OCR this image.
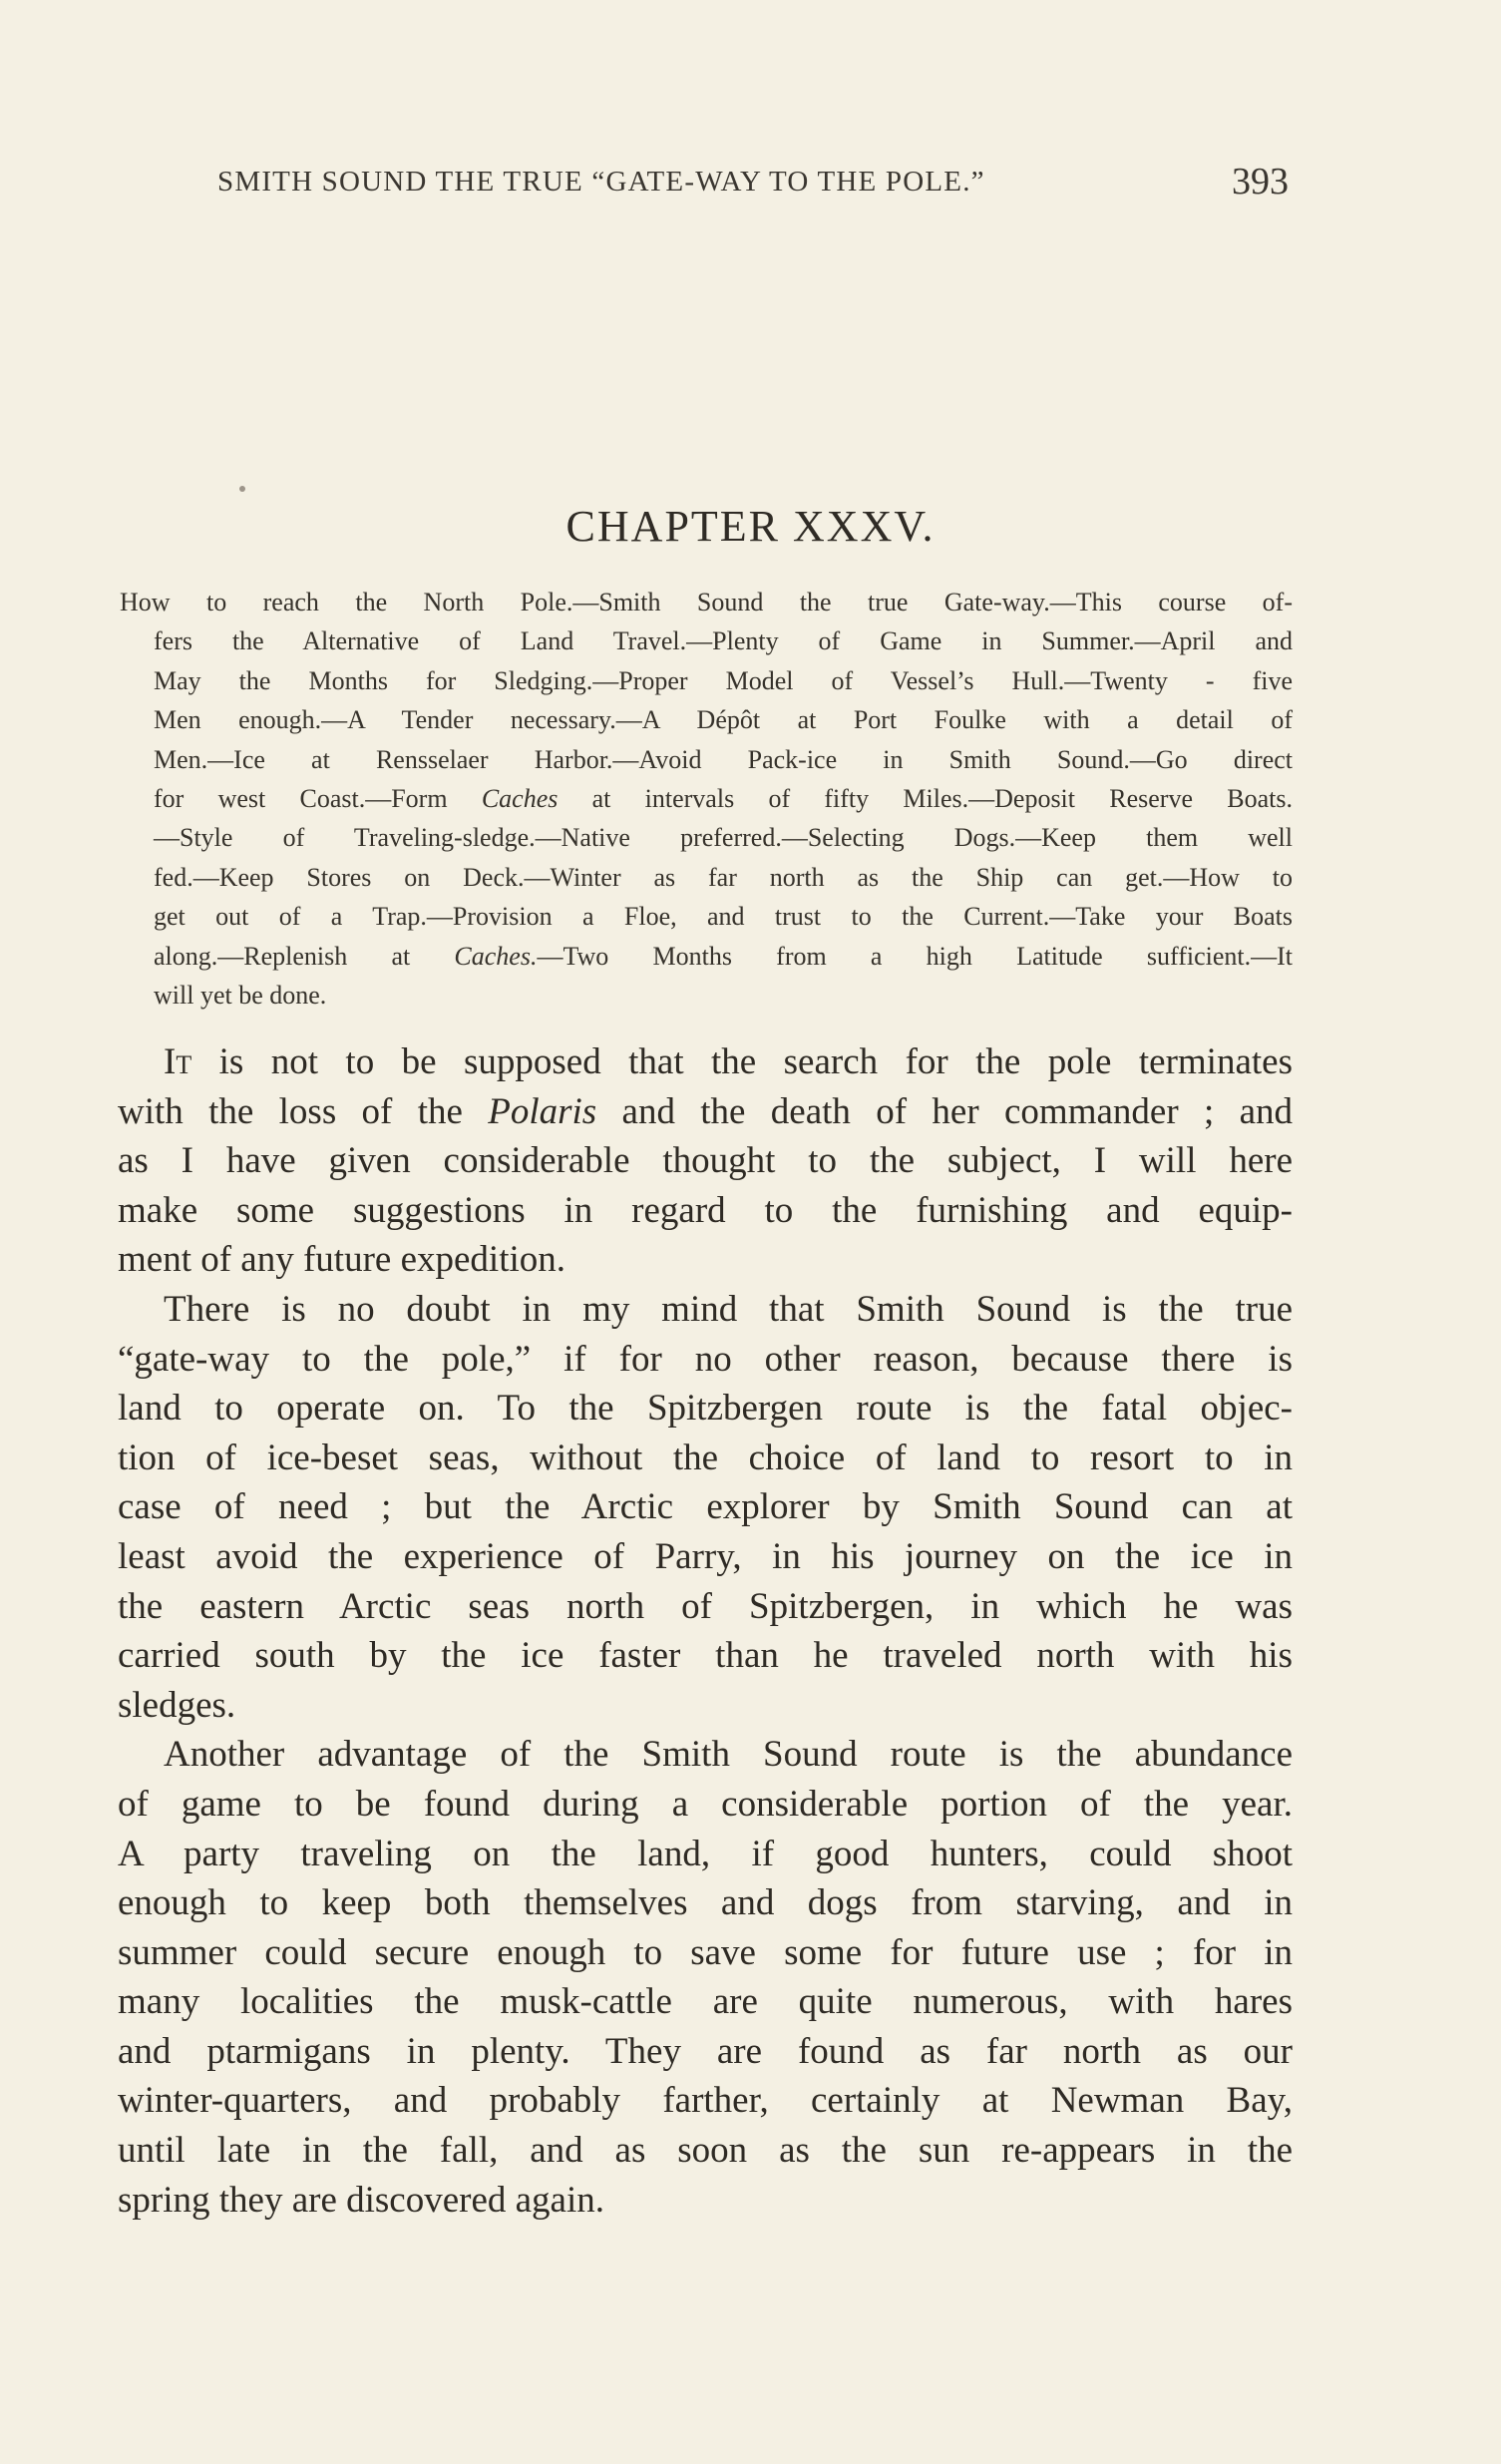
SMITH SOUND THE TRUE “GATE-WAY TO THE POLE.”	393
CHAPTER XXXV.
How to reach the North Pole.—Smith Sound the true Gate-way.—This course of-
fers the Alternative of Land Travel.—Plenty of Game in Summer.—April and
May the Months for Sledging.—Proper Model of Vessel’s Hull.—Twenty - five
Men enough.—A Tender necessary.—A Dépôt at Port Foulke with a detail of
Men.—Ice at Rensselaer Harbor.—Avoid Pack-ice in Smith Sound.—Go direct
for west Coast.—Form Caches at intervals of fifty Miles.—Deposit Reserve Boats.
—Style of Traveling-sledge.—Native preferred.—Selecting Dogs.—Keep them well
fed.—Keep Stores on Deck.—Winter as far north as the Ship can get.—How to
get out of a Trap.—Provision a Floe, and trust to the Current.—Take your Boats
along.—Replenish at Caches.—Two Months from a high Latitude sufficient.—It
will yet be done.
It is not to be supposed that the search for the pole terminates
with the loss of the Polaris and the death of her commander ; and
as I have given considerable thought to the subject, I will here
make some suggestions in regard to the furnishing and equip-
ment of any future expedition.
There is no doubt in my mind that Smith Sound is the true
“gate-way to the pole,” if for no other reason, because there is
land to operate on. To the Spitzbergen route is the fatal objec-
tion of ice-beset seas, without the choice of land to resort to in
case of need ; but the Arctic explorer by Smith Sound can at
least avoid the experience of Parry, in his journey on the ice in
the eastern Arctic seas north of Spitzbergen, in which he was
carried south by the ice faster than he traveled north with his
sledges.
Another advantage of the Smith Sound route is the abundance
of game to be found during a considerable portion of the year.
A party traveling on the land, if good hunters, could shoot
enough to keep both themselves and dogs from starving, and in
summer could secure enough to save some for future use ; for in
many localities the musk-cattle are quite numerous, with hares
and ptarmigans in plenty. They are found as far north as our
winter-quarters, and probably farther, certainly at Newman Bay,
until late in the fall, and as soon as the sun re-appears in the
spring they are discovered again.
